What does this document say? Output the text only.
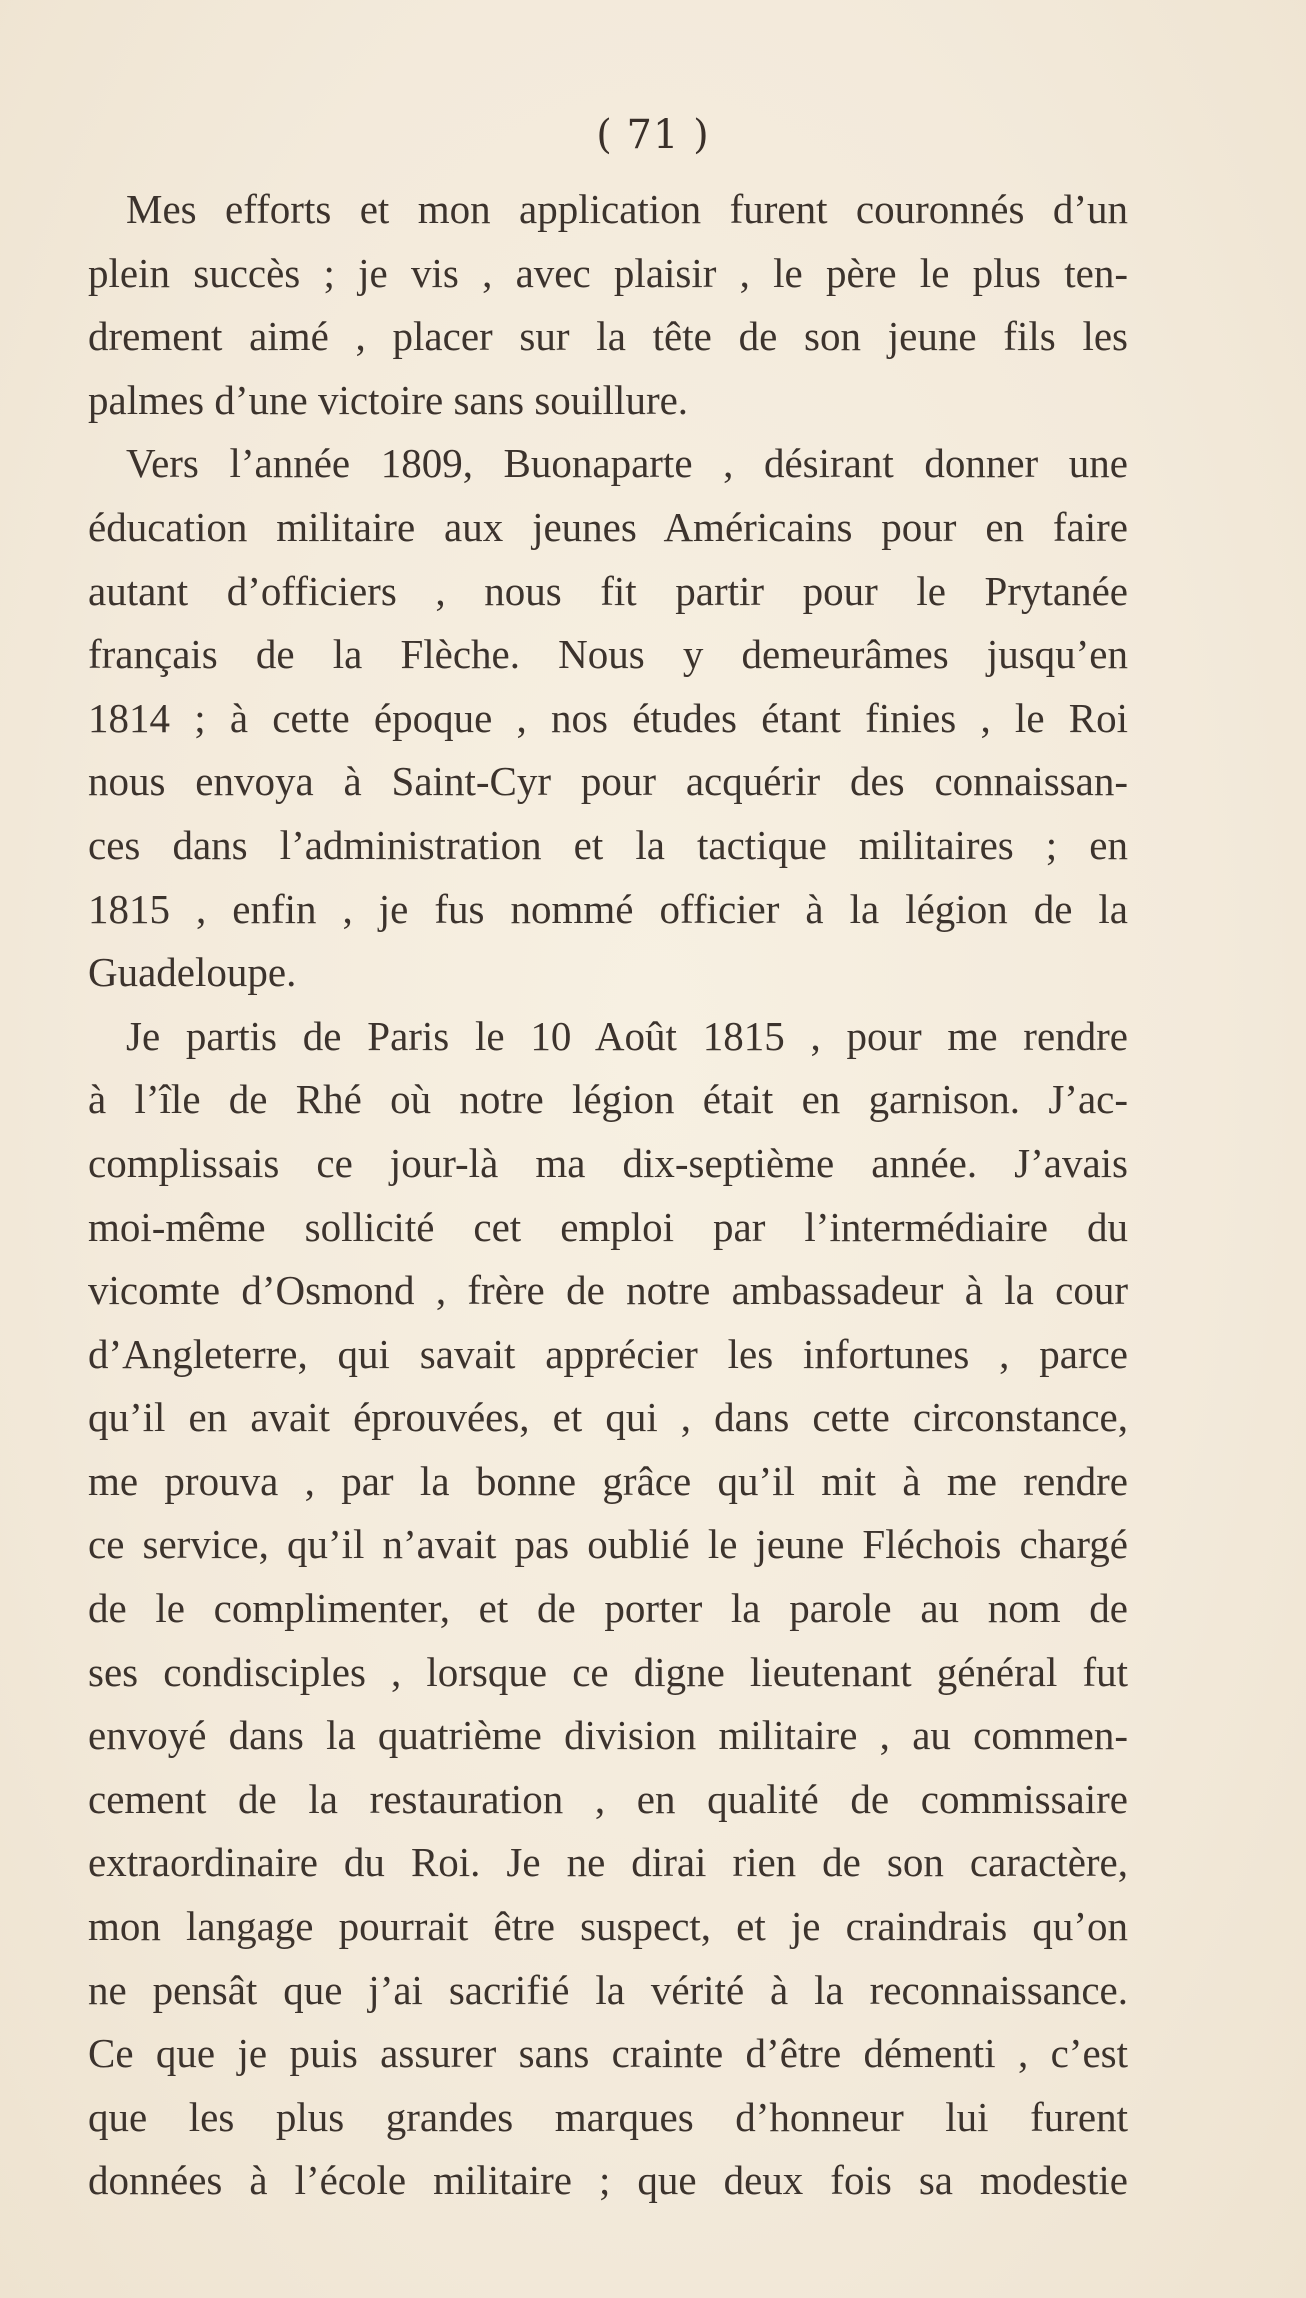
( 71 )
Mes efforts et mon application furent couronnés d’un
plein succès ; je vis , avec plaisir , le père le plus ten-
drement aimé , placer sur la tête de son jeune fils les
palmes d’une victoire sans souillure.
Vers l’année 1809, Buonaparte , désirant donner une
éducation militaire aux jeunes Américains pour en faire
autant d’officiers , nous fit partir pour le Prytanée
français de la Flèche. Nous y demeurâmes jusqu’en
1814 ; à cette époque , nos études étant finies , le Roi
nous envoya à Saint-Cyr pour acquérir des connaissan-
ces dans l’administration et la tactique militaires ; en
1815 , enfin , je fus nommé officier à la légion de la
Guadeloupe.
Je partis de Paris le 10 Août 1815 , pour me rendre
à l’île de Rhé où notre légion était en garnison. J’ac-
complissais ce jour-là ma dix-septième année. J’avais
moi-même sollicité cet emploi par l’intermédiaire du
vicomte d’Osmond , frère de notre ambassadeur à la cour
d’Angleterre, qui savait apprécier les infortunes , parce
qu’il en avait éprouvées, et qui , dans cette circonstance,
me prouva , par la bonne grâce qu’il mit à me rendre
ce service, qu’il n’avait pas oublié le jeune Fléchois chargé
de le complimenter, et de porter la parole au nom de
ses condisciples , lorsque ce digne lieutenant général fut
envoyé dans la quatrième division militaire , au commen-
cement de la restauration , en qualité de commissaire
extraordinaire du Roi. Je ne dirai rien de son caractère,
mon langage pourrait être suspect, et je craindrais qu’on
ne pensât que j’ai sacrifié la vérité à la reconnaissance.
Ce que je puis assurer sans crainte d’être démenti , c’est
que les plus grandes marques d’honneur lui furent
données à l’école militaire ; que deux fois sa modestie
